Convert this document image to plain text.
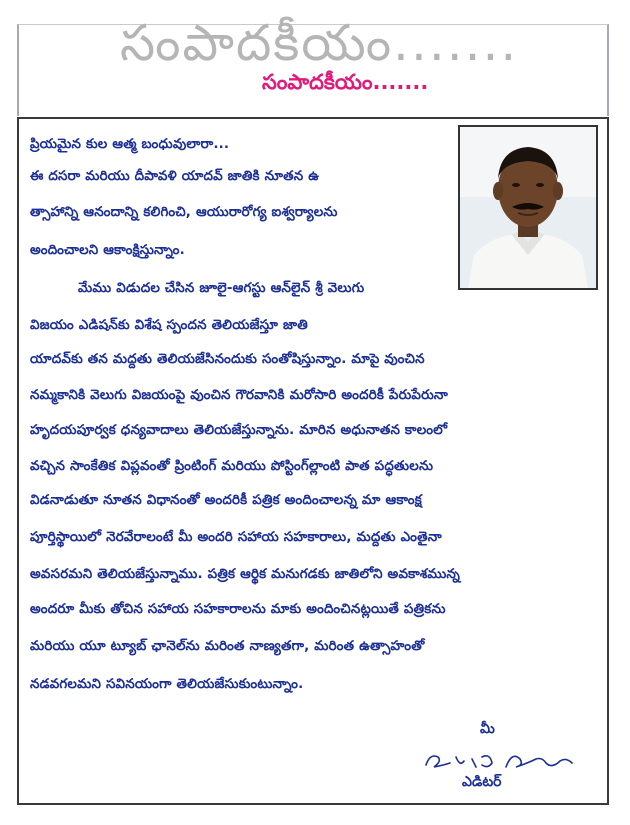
సంపాదకీయం.......
సంపాదకీయం.......
ప్రియమైన కుల ఆత్మ బంధువులారా...
ఈ దసరా మరియు దీపావళి యాదవ్ జాతికి నూతన ఉ
త్సాహాన్ని ఆనందాన్ని కలిగించి, ఆయురారోగ్య ఐశ్వర్యాలను
అందించాలని ఆకాంక్షిస్తున్నాం.
మేము విడుదల చేసిన జూలై-ఆగస్టు ఆన్‌లైన్ శ్రీ వెలుగు
విజయం ఎడిషన్‌కు విశేష స్పందన తెలియజేస్తూ జాతి
యాదవ్‌కు తన మద్దతు తెలియజేసినందుకు సంతోషిస్తున్నాం. మాపై వుంచిన
నమ్మకానికి వెలుగు విజయంపై వుంచిన గౌరవానికి మరోసారి అందరికీ పేరుపేరునా
హృదయపూర్వక ధన్యవాదాలు తెలియజేస్తున్నాను. మారిన అధునాతన కాలంలో
వచ్చిన సాంకేతిక విప్లవంతో ప్రింటింగ్ మరియు పోస్టింగ్‌ల్లాంటి పాత పద్ధతులను
విడనాడుతూ నూతన విధానంతో అందరికీ పత్రిక అందించాలన్న మా ఆకాంక్ష
పూర్తిస్థాయిలో నెరవేరాలంటే మీ అందరి సహాయ సహకారాలు, మద్దతు ఎంతైనా
అవసరమని తెలియజేస్తున్నాము. పత్రిక ఆర్థిక మనుగడకు జాతిలోని అవకాశమున్న
అందరూ మీకు తోచిన సహాయ సహకారాలను మాకు అందించినట్లయితే పత్రికను
మరియు యూ ట్యూబ్ ఛానెల్‌ను మరింత నాణ్యతగా, మరింత ఉత్సాహంతో
నడవగలమని సవినయంగా తెలియజేసుకుంటున్నాం.
మీ
ఎడిటర్
